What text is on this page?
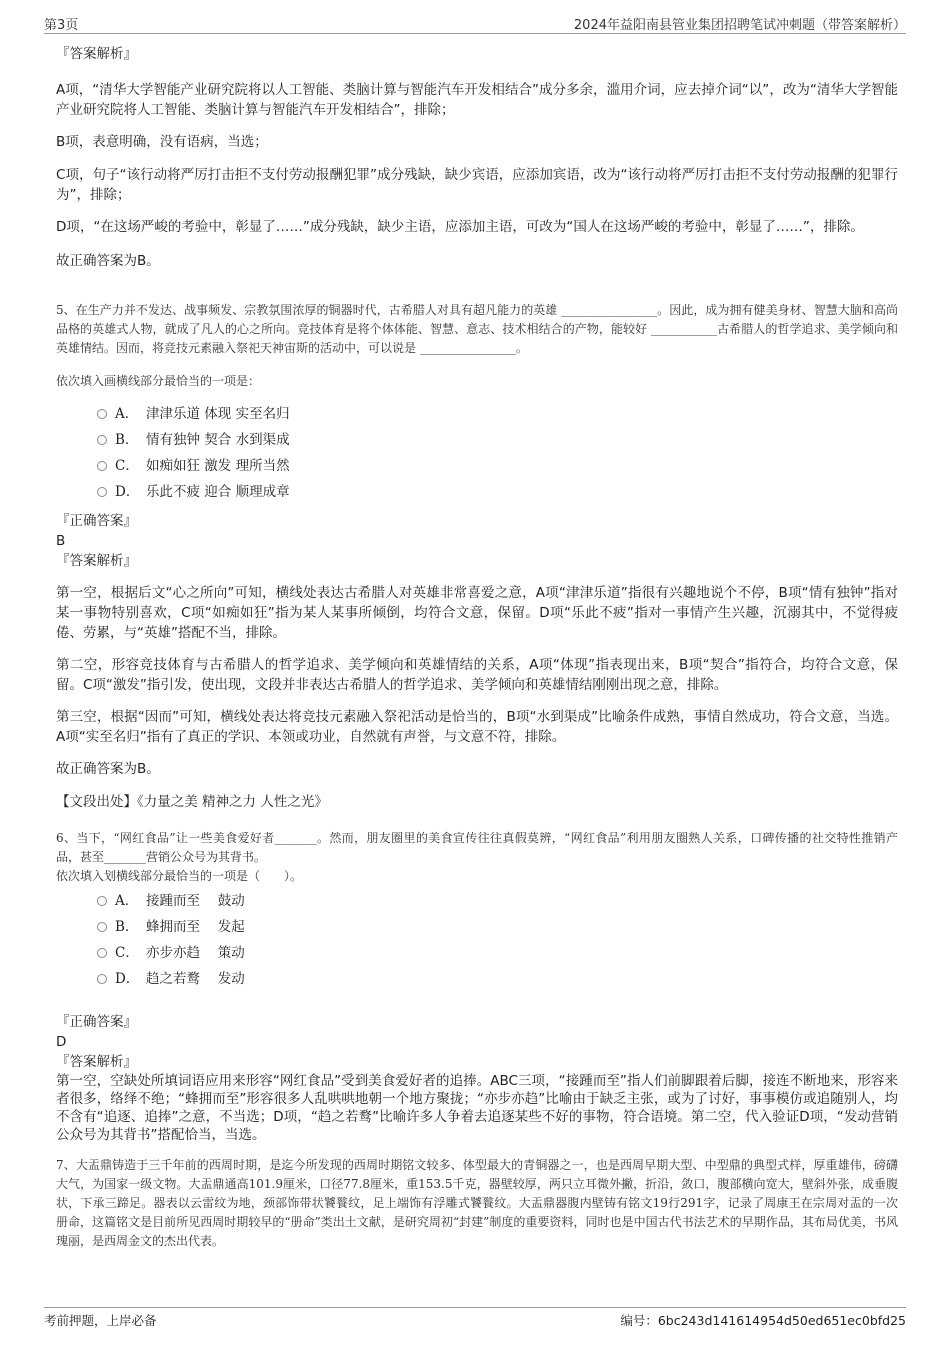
第3页	2024年益阳南县管业集团招聘笔试冲刺题（带答案解析）

『答案解析』

A项，“清华大学智能产业研究院将以人工智能、类脑计算与智能汽车开发相结合”成分多余，滥用介词，应去掉介词“以”，改为“清华大学智能产业研究院将人工智能、类脑计算与智能汽车开发相结合”，排除；

B项，表意明确，没有语病，当选；

C项，句子“该行动将严厉打击拒不支付劳动报酬犯罪”成分残缺，缺少宾语，应添加宾语，改为“该行动将严厉打击拒不支付劳动报酬的犯罪行为”，排除；

D项，“在这场严峻的考验中，彰显了……”成分残缺，缺少主语，应添加主语，可改为“国人在这场严峻的考验中，彰显了……”，排除。

故正确答案为B。

5、在生产力并不发达、战事频发、宗教氛围浓厚的铜器时代，古希腊人对具有超凡能力的英雄 ________________。因此，成为拥有健美身材、智慧大脑和高尚品格的英雄式人物，就成了凡人的心之所向。竞技体育是将个体体能、智慧、意志、技术相结合的产物，能较好 ___________古希腊人的哲学追求、美学倾向和英雄情结。因而，将竞技元素融入祭祀天神宙斯的活动中，可以说是 ________________。

依次填入画横线部分最恰当的一项是：

A． 津津乐道 体现 实至名归
B． 情有独钟 契合 水到渠成
C． 如痴如狂 激发 理所当然
D． 乐此不疲 迎合 顺理成章

『正确答案』

B

『答案解析』

第一空，根据后文“心之所向”可知，横线处表达古希腊人对英雄非常喜爱之意，A项“津津乐道”指很有兴趣地说个不停，B项“情有独钟”指对某一事物特别喜欢，C项“如痴如狂”指为某人某事所倾倒，均符合文意，保留。D项“乐此不疲”指对一事情产生兴趣，沉溺其中，不觉得疲倦、劳累，与“英雄”搭配不当，排除。

第二空，形容竞技体育与古希腊人的哲学追求、美学倾向和英雄情结的关系，A项“体现”指表现出来，B项“契合”指符合，均符合文意，保留。C项“激发”指引发，使出现，文段并非表达古希腊人的哲学追求、美学倾向和英雄情结刚刚出现之意，排除。

第三空，根据“因而”可知，横线处表达将竞技元素融入祭祀活动是恰当的，B项“水到渠成”比喻条件成熟，事情自然成功，符合文意，当选。A项“实至名归”指有了真正的学识、本领或功业，自然就有声誉，与文意不符，排除。

故正确答案为B。

【文段出处】《力量之美 精神之力 人性之光》

6、当下，“网红食品”让一些美食爱好者_______。然而，朋友圈里的美食宣传往往真假莫辨，“网红食品”利用朋友圈熟人关系，口碑传播的社交特性推销产品，甚至_______营销公众号为其背书。

依次填入划横线部分最恰当的一项是（　　）。

A． 接踵而至　 鼓动
B． 蜂拥而至　 发起
C． 亦步亦趋　 策动
D． 趋之若鹜　 发动

『正确答案』

D

『答案解析』

第一空，空缺处所填词语应用来形容“网红食品”受到美食爱好者的追捧。ABC三项，“接踵而至”指人们前脚跟着后脚，接连不断地来，形容来者很多，络绎不绝；“蜂拥而至”形容很多人乱哄哄地朝一个地方聚拢；“亦步亦趋”比喻由于缺乏主张，或为了讨好，事事模仿或追随别人，均不含有“追逐、追捧”之意，不当选；D项，“趋之若鹜”比喻许多人争着去追逐某些不好的事物，符合语境。第二空，代入验证D项，“发动营销公众号为其背书”搭配恰当，当选。

7、大盂鼎铸造于三千年前的西周时期，是迄今所发现的西周时期铭文较多、体型最大的青铜器之一，也是西周早期大型、中型鼎的典型式样，厚重雄伟，磅礴大气，为国家一级文物。大盂鼎通高101.9厘米，口径77.8厘米，重153.5千克，器壁较厚，两只立耳微外撇，折沿，敛口，腹部横向宽大，壁斜外张，成垂腹状，下承三蹄足。器表以云雷纹为地，颈部饰带状饕餮纹，足上端饰有浮雕式饕餮纹。大盂鼎器腹内壁铸有铭文19行291字，记录了周康王在宗周对盂的一次册命，这篇铭文是目前所见西周时期较早的“册命”类出土文献，是研究周初“封建”制度的重要资料，同时也是中国古代书法艺术的早期作品，其布局优美，书风瑰丽，是西周金文的杰出代表。

考前押题，上岸必备	编号：6bc243d141614954d50ed651ec0bfd25
